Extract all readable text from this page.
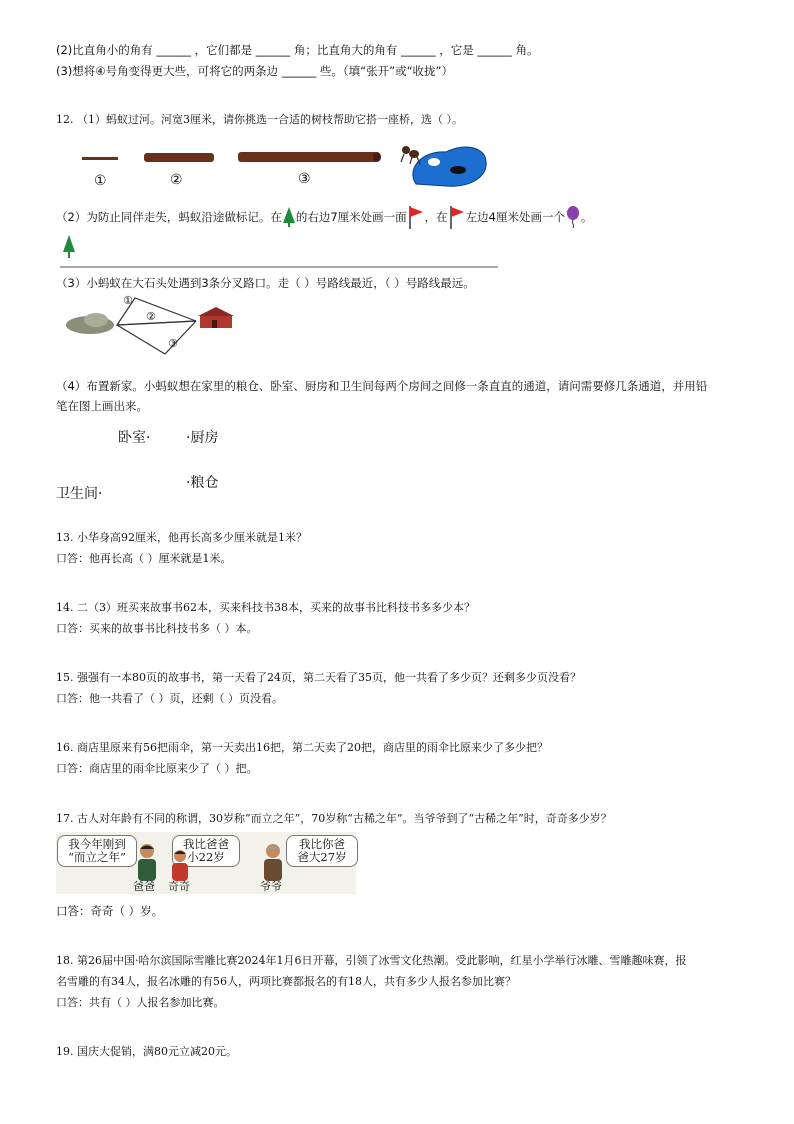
(2)比直角小的角有 ______ ，它们都是 ______ 角；比直角大的角有 ______ ，它是 ______ 角。
(3)想将④号角变得更大些，可将它的两条边 ______ 些。（填“张开”或“收拢”）
12. （1）蚂蚁过河。河宽3厘米，请你挑选一合适的树枝帮助它搭一座桥，选（ ）。
①	②	③
（2）为防止同伴走失，蚂蚁沿途做标记。在 的右边7厘米处画一面 ，在 左边4厘米处画一个 。
（3）小蚂蚁在大石头处遇到3条分叉路口。走（ ）号路线最近，（ ）号路线最远。
①
②
③
（4）布置新家。小蚂蚁想在家里的粮仓、卧室、厨房和卫生间每两个房间之间修一条直直的通道，请问需要修几条通道，并用铅
笔在图上画出来。
卧室·	·厨房
卫生间·
·粮仓
13. 小华身高92厘米，他再长高多少厘米就是1米？
口答：他再长高（ ）厘米就是1米。
14. 二（3）班买来故事书62本，买来科技书38本，买来的故事书比科技书多多少本？
口答：买来的故事书比科技书多（ ）本。
15. 强强有一本80页的故事书，第一天看了24页，第二天看了35页，他一共看了多少页？还剩多少页没看？
口答：他一共看了（ ）页，还剩（ ）页没看。
16. 商店里原来有56把雨伞，第一天卖出16把，第二天卖了20把，商店里的雨伞比原来少了多少把？
口答：商店里的雨伞比原来少了（ ）把。
17. 古人对年龄有不同的称谓，30岁称“而立之年”，70岁称“古稀之年”。当爷爷到了“古稀之年”时，奇奇多少岁？
我今年刚到
“而立之年”
我比爸爸
小22岁
我比你爸
爸大27岁
爸爸 奇奇	爷爷
口答：奇奇（ ）岁。
18. 第26届中国·哈尔滨国际雪雕比赛2024年1月6日开幕，引领了冰雪文化热潮。受此影响，红星小学举行冰雕、雪雕趣味赛，报
名雪雕的有34人，报名冰雕的有56人，两项比赛都报名的有18人，共有多少人报名参加比赛？
口答：共有（ ）人报名参加比赛。
19. 国庆大促销，满80元立减20元。
